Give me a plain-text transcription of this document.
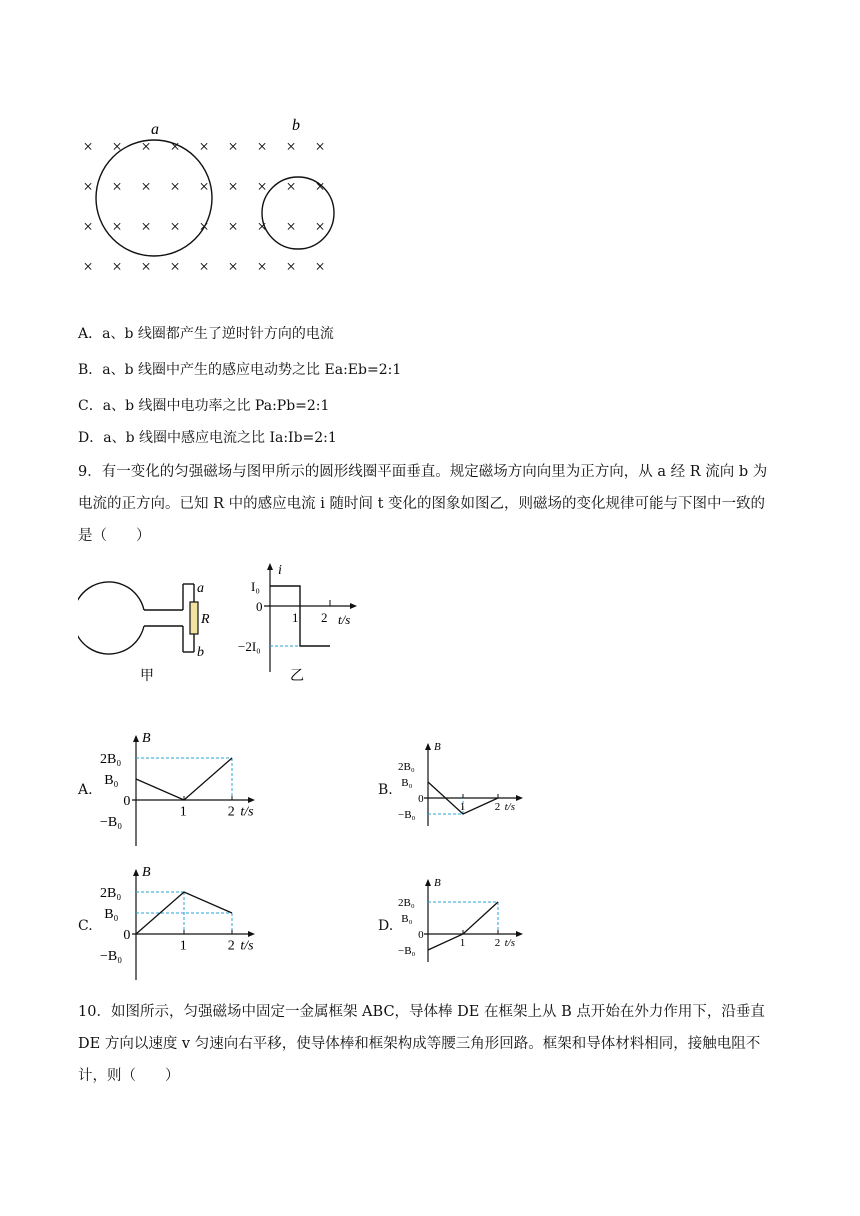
× × × × × × × × ×
× × × × × × × × ×
× × × × × × × × ×
× × × × × × × × ×
a	b
A．a、b 线圈都产生了逆时针方向的电流
B．a、b 线圈中产生的感应电动势之比 Ea:Eb=2:1
C．a、b 线圈中电功率之比 Pa:Pb=2:1
D．a、b 线圈中感应电流之比 Ia:Ib=2:1
9．有一变化的匀强磁场与图甲所示的圆形线圈平面垂直。规定磁场方向向里为正方向，从 a 经 R 流向 b 为
电流的正方向。已知 R 中的感应电流 i 随时间 t 变化的图象如图乙，则磁场的变化规律可能与下图中一致的
是（　　）
a
R
b
甲
i
I₀
0
−2I₀
1 2 t/s
乙
A.
B
2B₀
B₀
0
−B₀
1	2 t/s
B.
B
2B₀
B₀
0
−B₀
1	2 t/s
C.
B
2B₀
B₀
0
−B₀
1	2 t/s
D.
B
2B₀
B₀
0
−B₀
1	2 t/s
10．如图所示，匀强磁场中固定一金属框架 ABC，导体棒 DE 在框架上从 B 点开始在外力作用下，沿垂直
DE 方向以速度 v 匀速向右平移，使导体棒和框架构成等腰三角形回路。框架和导体材料相同，接触电阻不
计，则（　　）
